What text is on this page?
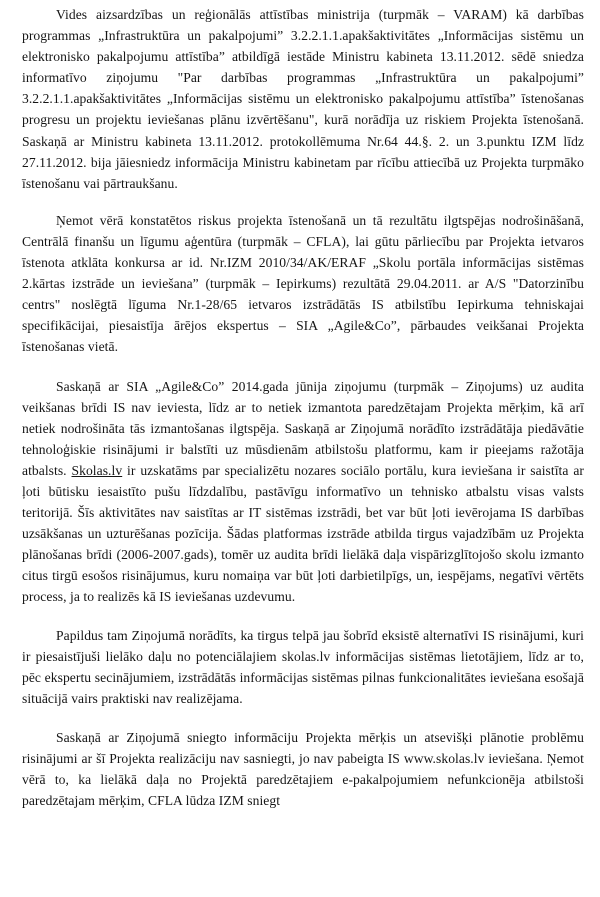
Vides aizsardzības un reģionālās attīstības ministrija (turpmāk – VARAM) kā darbības programmas „Infrastruktūra un pakalpojumi” 3.2.2.1.1.apakšaktivitātes „Informācijas sistēmu un elektronisko pakalpojumu attīstība” atbildīgā iestāde Ministru kabineta 13.11.2012. sēdē sniedza informatīvo ziņojumu "Par darbības programmas „Infrastruktūra un pakalpojumi” 3.2.2.1.1.apakšaktivitātes „Informācijas sistēmu un elektronisko pakalpojumu attīstība” īstenošanas progresu un projektu ieviešanas plānu izvērtēšanu", kurā norādīja uz riskiem Projekta īstenošanā. Saskaņā ar Ministru kabineta 13.11.2012. protokollēmuma Nr.64 44.§. 2. un 3.punktu IZM līdz 27.11.2012. bija jāiesniedz informācija Ministru kabinetam par rīcību attiecībā uz Projekta turpmāko īstenošanu vai pārtraukšanu.

Ņemot vērā konstatētos riskus projekta īstenošanā un tā rezultātu ilgtspējas nodrošināšanā, Centrālā finanšu un līgumu aģentūra (turpmāk – CFLA), lai gūtu pārliecību par Projekta ietvaros īstenota atklāta konkursa ar id. Nr.IZM 2010/34/AK/ERAF „Skolu portāla informācijas sistēmas 2.kārtas izstrāde un ieviešana” (turpmāk – Iepirkums) rezultātā 29.04.2011. ar A/S "Datorzinību centrs" noslēgtā līguma Nr.1-28/65 ietvaros izstrādātās IS atbilstību Iepirkuma tehniskajai specifikācijai, piesaistīja ārējos ekspertus – SIA „Agile&Co”, pārbaudes veikšanai Projekta īstenošanas vietā.

Saskaņā ar SIA „Agile&Co” 2014.gada jūnija ziņojumu (turpmāk – Ziņojums) uz audita veikšanas brīdi IS nav ieviesta, līdz ar to netiek izmantota paredzētajam Projekta mērķim, kā arī netiek nodrošināta tās izmantošanas ilgtspēja. Saskaņā ar Ziņojumā norādīto izstrādātāja piedāvātie tehnoloģiskie risinājumi ir balstīti uz mūsdienām atbilstošu platformu, kam ir pieejams ražotāja atbalsts. Skolas.lv ir uzskatāms par specializētu nozares sociālo portālu, kura ieviešana ir saistīta ar ļoti būtisku iesaistīto pušu līdzdalību, pastāvīgu informatīvo un tehnisko atbalstu visas valsts teritorijā. Šīs aktivitātes nav saistītas ar IT sistēmas izstrādi, bet var būt ļoti ievērojama IS darbības uzsākšanas un uzturēšanas pozīcija. Šādas platformas izstrāde atbilda tirgus vajadzībām uz Projekta plānošanas brīdi (2006-2007.gads), tomēr uz audita brīdi lielākā daļa vispārizglītojošo skolu izmanto citus tirgū esošos risinājumus, kuru nomaiņa var būt ļoti darbietilpīgs, un, iespējams, negatīvi vērtēts process, ja to realizēs kā IS ieviešanas uzdevumu.

Papildus tam Ziņojumā norādīts, ka tirgus telpā jau šobrīd eksistē alternatīvi IS risinājumi, kuri ir piesaistījuši lielāko daļu no potenciālajiem skolas.lv informācijas sistēmas lietotājiem, līdz ar to, pēc ekspertu secinājumiem, izstrādātās informācijas sistēmas pilnas funkcionalitātes ieviešana esošajā situācijā vairs praktiski nav realizējama.

Saskaņā ar Ziņojumā sniegto informāciju Projekta mērķis un atsevišķi plānotie problēmu risinājumi ar šī Projekta realizāciju nav sasniegti, jo nav pabeigta IS www.skolas.lv ieviešana. Ņemot vērā to, ka lielākā daļa no Projektā paredzētajiem e-pakalpojumiem nefunkcionēja atbilstoši paredzētajam mērķim, CFLA lūdza IZM sniegt
